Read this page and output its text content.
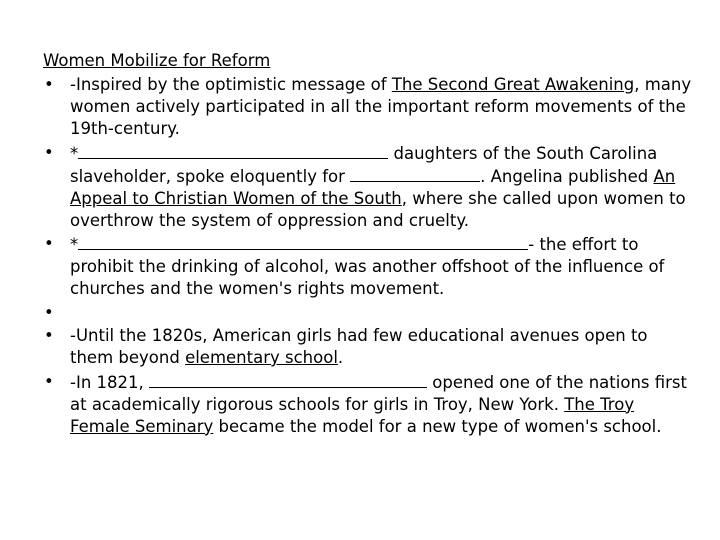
Women Mobilize for Reform
• -Inspired by the optimistic message of The Second Great Awakening, many women actively participated in all the important reform movements of the 19th-century.
• *	daughters of the South Carolina slaveholder, spoke eloquently for	. Angelina published An Appeal to Christian Women of the South, where she called upon women to overthrow the system of oppression and cruelty.
• *	- the effort to prohibit the drinking of alcohol, was another offshoot of the influence of churches and the women's rights movement.
•
• -Until the 1820s, American girls had few educational avenues open to them beyond elementary school.
• -In 1821,	opened one of the nations first at academically rigorous schools for girls in Troy, New York. The Troy Female Seminary became the model for a new type of women's school.
